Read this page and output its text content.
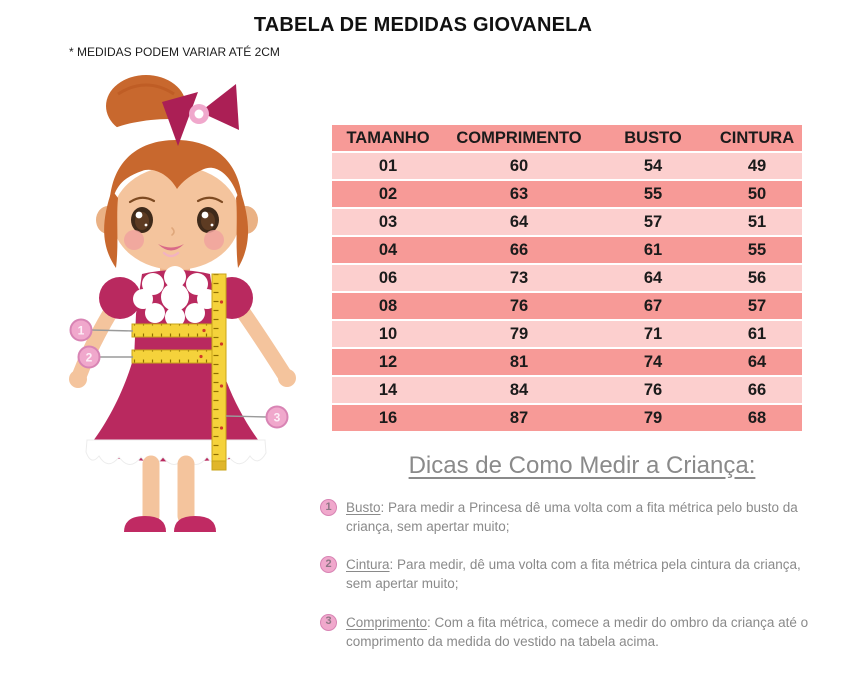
TABELA DE MEDIDAS GIOVANELA
* MEDIDAS PODEM VARIAR ATÉ 2CM
1
2
3
TAMANHO	COMPRIMENTO	BUSTO	CINTURA
01	60	54	49
02	63	55	50
03	64	57	51
04	66	61	55
06	73	64	56
08	76	67	57
10	79	71	61
12	81	74	64
14	84	76	66
16	87	79	68
Dicas de Como Medir a Criança:
1	Busto: Para medir a Princesa dê uma volta com a fita métrica pelo busto da criança, sem apertar muito;
2	Cintura: Para medir, dê uma volta com a fita métrica pela cintura da criança, sem apertar muito;
3	Comprimento: Com a fita métrica, comece a medir do ombro da criança até o comprimento da medida do vestido na tabela acima.
